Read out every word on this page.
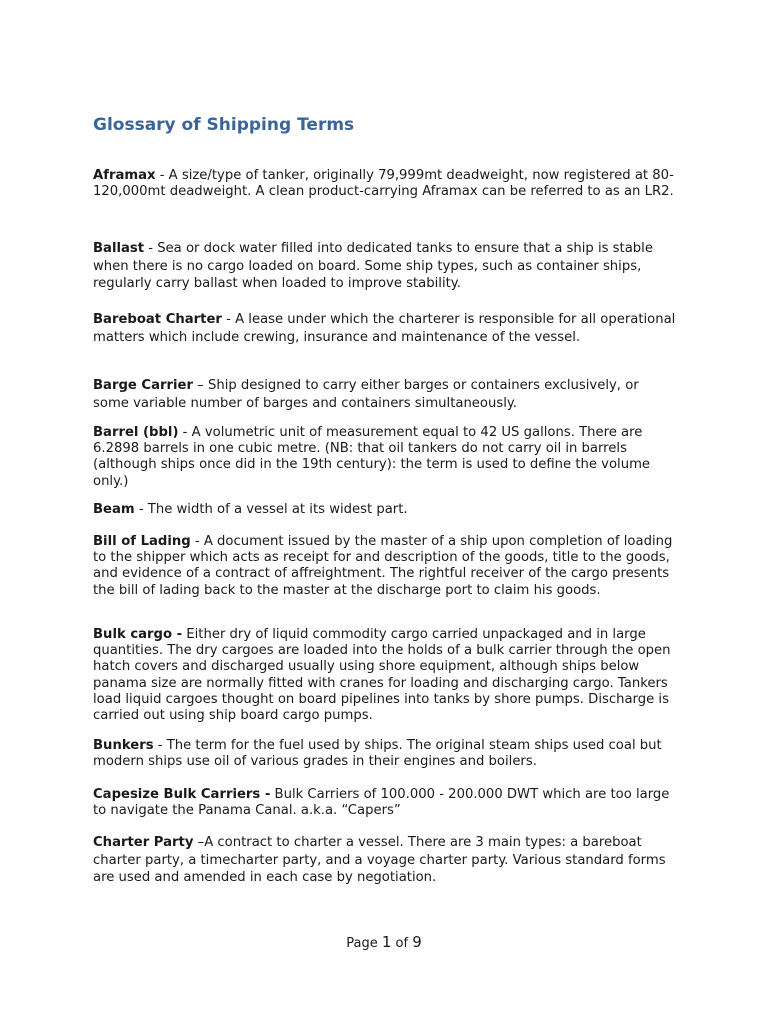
Glossary of Shipping Terms

Aframax - A size/type of tanker, originally 79,999mt deadweight, now registered at 80-120,000mt deadweight. A clean product-carrying Aframax can be referred to as an LR2.

Ballast - Sea or dock water filled into dedicated tanks to ensure that a ship is stable when there is no cargo loaded on board. Some ship types, such as container ships, regularly carry ballast when loaded to improve stability.

Bareboat Charter - A lease under which the charterer is responsible for all operational matters which include crewing, insurance and maintenance of the vessel.

Barge Carrier – Ship designed to carry either barges or containers exclusively, or some variable number of barges and containers simultaneously.

Barrel (bbl) - A volumetric unit of measurement equal to 42 US gallons. There are 6.2898 barrels in one cubic metre. (NB: that oil tankers do not carry oil in barrels (although ships once did in the 19th century): the term is used to define the volume only.)

Beam - The width of a vessel at its widest part.

Bill of Lading - A document issued by the master of a ship upon completion of loading to the shipper which acts as receipt for and description of the goods, title to the goods, and evidence of a contract of affreightment. The rightful receiver of the cargo presents the bill of lading back to the master at the discharge port to claim his goods.

Bulk cargo - Either dry of liquid commodity cargo carried unpackaged and in large quantities. The dry cargoes are loaded into the holds of a bulk carrier through the open hatch covers and discharged usually using shore equipment, although ships below panama size are normally fitted with cranes for loading and discharging cargo. Tankers load liquid cargoes thought on board pipelines into tanks by shore pumps. Discharge is carried out using ship board cargo pumps.

Bunkers - The term for the fuel used by ships. The original steam ships used coal but modern ships use oil of various grades in their engines and boilers.

Capesize Bulk Carriers - Bulk Carriers of 100.000 - 200.000 DWT which are too large to navigate the Panama Canal. a.k.a. “Capers”

Charter Party –A contract to charter a vessel. There are 3 main types: a bareboat charter party, a timecharter party, and a voyage charter party. Various standard forms are used and amended in each case by negotiation.

Page 1 of 9
